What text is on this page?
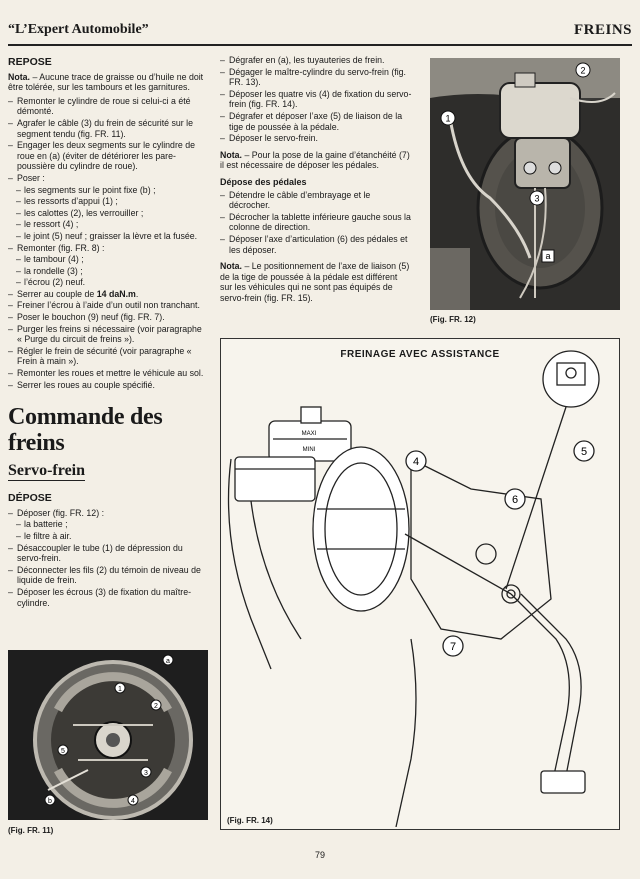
“L’Expert Automobile”	FREINS
REPOSE

Nota. – Aucune trace de graisse ou d’huile ne doit être tolérée, sur les tambours et les garnitures.

– Remonter le cylindre de roue si celui-ci a été démonté.
– Agrafer le câble (3) du frein de sécurité sur le segment tendu (fig. FR. 11).
– Engager les deux segments sur le cylindre de roue en (a) (éviter de détériorer les pare-poussière du cylindre de roue).
– Poser :
– les segments sur le point fixe (b) ;
– les ressorts d’appui (1) ;
– les calottes (2), les verrouiller ;
– le ressort (4) ;
– le joint (5) neuf ; graisser la lèvre et la fusée.
– Remonter (fig. FR. 8) :
– le tambour (4) ;
– la rondelle (3) ;
– l’écrou (2) neuf.
– Serrer au couple de 14 daN.m.
– Freiner l’écrou à l’aide d’un outil non tranchant.
– Poser le bouchon (9) neuf (fig. FR. 7).
– Purger les freins si nécessaire (voir paragraphe « Purge du circuit de freins »).
– Régler le frein de sécurité (voir paragraphe « Frein à main »).
– Remonter les roues et mettre le véhicule au sol.
– Serrer les roues au couple spécifié.
Commande des freins
Servo-frein
DÉPOSE
– Déposer (fig. FR. 12) :
– la batterie ;
– le filtre à air.
– Désaccoupler le tube (1) de dépression du servo-frein.
– Déconnecter les fils (2) du témoin de niveau de liquide de frein.
– Déposer les écrous (3) de fixation du maître-cylindre.
– Dégrafer en (a), les tuyauteries de frein.
– Dégager le maître-cylindre du servo-frein (fig. FR. 13).
– Déposer les quatre vis (4) de fixation du servo-frein (fig. FR. 14).
– Dégrafer et déposer l’axe (5) de liaison de la tige de poussée à la pédale.
– Déposer le servo-frein.

Nota. – Pour la pose de la gaine d’étanchéité (7) il est nécessaire de déposer les pédales.

Dépose des pédales
– Détendre le câble d’embrayage et le décrocher.
– Décrocher la tablette inférieure gauche sous la colonne de direction.
– Déposer l’axe d’articulation (6) des pédales et les déposer.

Nota. – Le positionnement de l’axe de liaison (5) de la tige de poussée à la pédale est différent sur les véhicules qui ne sont pas équipés de servo-frein (fig. FR. 15).

2
1
3
a
(Fig. FR. 12)
a
1
2
3
4
5
b
(Fig. FR. 11)
FREINAGE AVEC ASSISTANCE
4
5
6
7
MAXI
MINI
(Fig. FR. 14)
79
